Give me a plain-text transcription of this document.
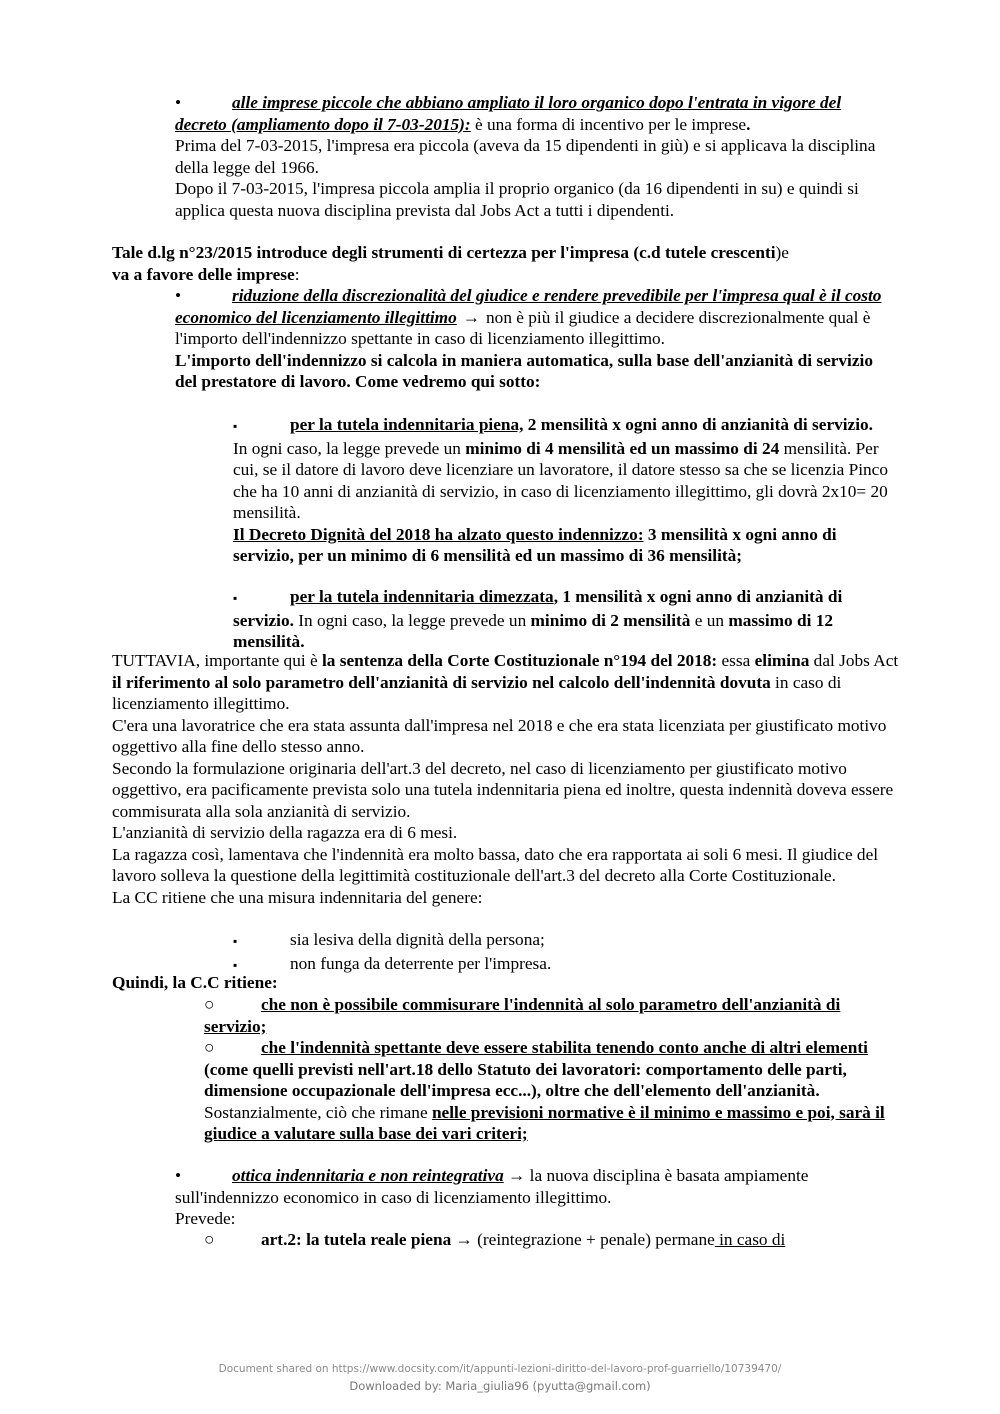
•	alle imprese piccole che abbiano ampliato il loro organico dopo l'entrata in vigore del decreto (ampliamento dopo il 7-03-2015): è una forma di incentivo per le imprese.
Prima del 7-03-2015, l'impresa era piccola (aveva da 15 dipendenti in giù) e si applicava la disciplina della legge del 1966.
Dopo il 7-03-2015, l'impresa piccola amplia il proprio organico (da 16 dipendenti in su) e quindi si applica questa nuova disciplina prevista dal Jobs Act a tutti i dipendenti.
Tale d.lg n°23/2015 introduce degli strumenti di certezza per l'impresa (c.d tutele crescenti)e
va a favore delle imprese:
•	riduzione della discrezionalità del giudice e rendere prevedibile per l'impresa qual è il costo economico del licenziamento illegittimo → non è più il giudice a decidere discrezionalmente qual è l'importo dell'indennizzo spettante in caso di licenziamento illegittimo.
L'importo dell'indennizzo si calcola in maniera automatica, sulla base dell'anzianità di servizio del prestatore di lavoro. Come vedremo qui sotto:
▪	per la tutela indennitaria piena, 2 mensilità x ogni anno di anzianità di servizio.
In ogni caso, la legge prevede un minimo di 4 mensilità ed un massimo di 24 mensilità. Per cui, se il datore di lavoro deve licenziare un lavoratore, il datore stesso sa che se licenzia Pinco che ha 10 anni di anzianità di servizio, in caso di licenziamento illegittimo, gli dovrà 2x10= 20 mensilità.
Il Decreto Dignità del 2018 ha alzato questo indennizzo: 3 mensilità x ogni anno di servizio, per un minimo di 6 mensilità ed un massimo di 36 mensilità;
▪	per la tutela indennitaria dimezzata, 1 mensilità x ogni anno di anzianità di servizio. In ogni caso, la legge prevede un minimo di 2 mensilità e un massimo di 12 mensilità.
TUTTAVIA, importante qui è la sentenza della Corte Costituzionale n°194 del 2018: essa elimina dal Jobs Act il riferimento al solo parametro dell'anzianità di servizio nel calcolo dell'indennità dovuta in caso di licenziamento illegittimo.
C'era una lavoratrice che era stata assunta dall'impresa nel 2018 e che era stata licenziata per giustificato motivo oggettivo alla fine dello stesso anno.
Secondo la formulazione originaria dell'art.3 del decreto, nel caso di licenziamento per giustificato motivo oggettivo, era pacificamente prevista solo una tutela indennitaria piena ed inoltre, questa indennità doveva essere commisurata alla sola anzianità di servizio.
L'anzianità di servizio della ragazza era di 6 mesi.
La ragazza così, lamentava che l'indennità era molto bassa, dato che era rapportata ai soli 6 mesi. Il giudice del lavoro solleva la questione della legittimità costituzionale dell'art.3 del decreto alla Corte Costituzionale.
La CC ritiene che una misura indennitaria del genere:
▪	sia lesiva della dignità della persona;
▪	non funga da deterrente per l'impresa.
Quindi, la C.C ritiene:
○	che non è possibile commisurare l'indennità al solo parametro dell'anzianità di servizio;
○	che l'indennità spettante deve essere stabilita tenendo conto anche di altri elementi (come quelli previsti nell'art.18 dello Statuto dei lavoratori: comportamento delle parti, dimensione occupazionale dell'impresa ecc...), oltre che dell'elemento dell'anzianità.
Sostanzialmente, ciò che rimane nelle previsioni normative è il minimo e massimo e poi, sarà il giudice a valutare sulla base dei vari criteri;
•	ottica indennitaria e non reintegrativa → la nuova disciplina è basata ampiamente sull'indennizzo economico in caso di licenziamento illegittimo.
Prevede:
○	art.2: la tutela reale piena → (reintegrazione + penale) permane in caso di
Document shared on https://www.docsity.com/it/appunti-lezioni-diritto-del-lavoro-prof-guarriello/10739470/
Downloaded by: Maria_giulia96 (pyutta@gmail.com)
